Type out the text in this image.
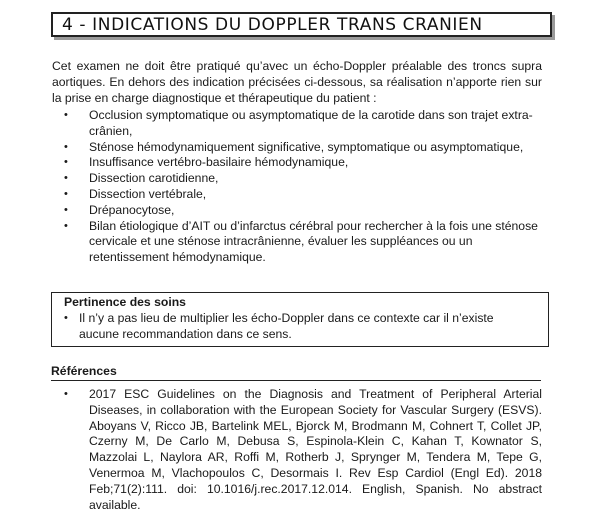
4 - INDICATIONS DU DOPPLER TRANS CRANIEN

Cet examen ne doit être pratiqué qu’avec un écho-Doppler préalable des troncs supra aortiques. En dehors des indication précisées ci-dessous, sa réalisation n’apporte rien sur la prise en charge diagnostique et thérapeutique du patient :

• Occlusion symptomatique ou asymptomatique de la carotide dans son trajet extra-crânien,
• Sténose hémodynamiquement significative, symptomatique ou asymptomatique,
• Insuffisance vertébro-basilaire hémodynamique,
• Dissection carotidienne,
• Dissection vertébrale,
• Drépanocytose,
• Bilan étiologique d’AIT ou d’infarctus cérébral pour rechercher à la fois une sténose cervicale et une sténose intracrânienne, évaluer les suppléances ou un retentissement hémodynamique.
Pertinence des soins
• Il n’y a pas lieu de multiplier les écho-Doppler dans ce contexte car il n’existe aucune recommandation dans ce sens.
Références
• 2017 ESC Guidelines on the Diagnosis and Treatment of Peripheral Arterial Diseases, in collaboration with the European Society for Vascular Surgery (ESVS). Aboyans V, Ricco JB, Bartelink MEL, Bjorck M, Brodmann M, Cohnert T, Collet JP, Czerny M, De Carlo M, Debusa S, Espinola-Klein C, Kahan T, Kownator S, Mazzolai L, Naylora AR, Roffi M, Rotherb J, Sprynger M, Tendera M, Tepe G, Venermoa M, Vlachopoulos C, Desormais I. Rev Esp Cardiol (Engl Ed). 2018 Feb;71(2):111. doi: 10.1016/j.rec.2017.12.014. English, Spanish. No abstract available.
